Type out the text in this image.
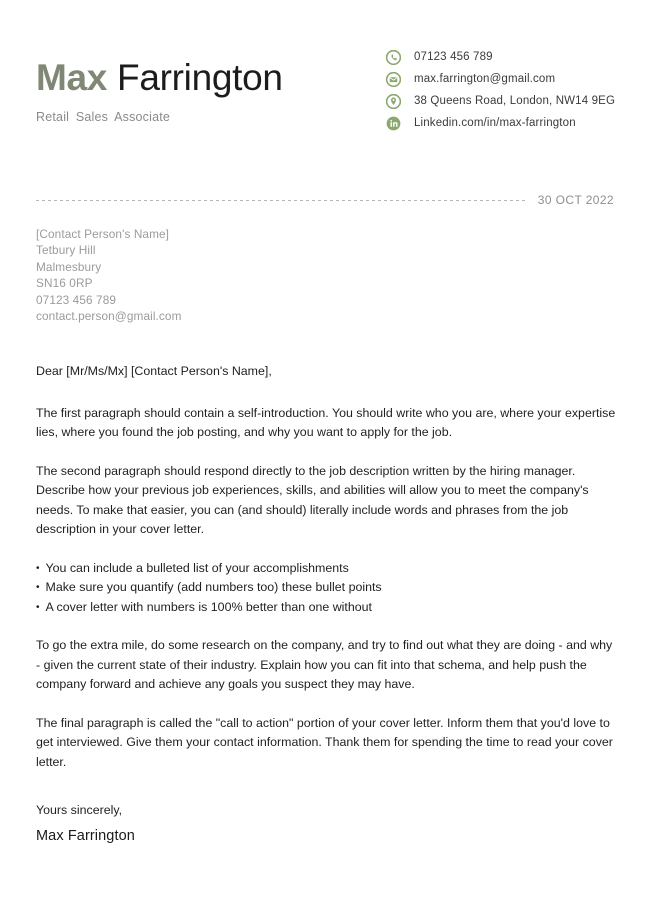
Max Farrington
Retail Sales Associate
07123 456 789
max.farrington@gmail.com
38 Queens Road, London, NW14 9EG
Linkedin.com/in/max-farrington
30 OCT 2022
[Contact Person's Name]
Tetbury Hill
Malmesbury
SN16 0RP
07123 456 789
contact.person@gmail.com

Dear [Mr/Ms/Mx] [Contact Person's Name],

The first paragraph should contain a self-introduction. You should write who you are, where your expertise lies, where you found the job posting, and why you want to apply for the job.

The second paragraph should respond directly to the job description written by the hiring manager. Describe how your previous job experiences, skills, and abilities will allow you to meet the company's needs. To make that easier, you can (and should) literally include words and phrases from the job description in your cover letter.

• You can include a bulleted list of your accomplishments
• Make sure you quantify (add numbers too) these bullet points
• A cover letter with numbers is 100% better than one without

To go the extra mile, do some research on the company, and try to find out what they are doing - and why - given the current state of their industry. Explain how you can fit into that schema, and help push the company forward and achieve any goals you suspect they may have.

The final paragraph is called the "call to action" portion of your cover letter. Inform them that you'd love to get interviewed. Give them your contact information. Thank them for spending the time to read your cover letter.

Yours sincerely,

Max Farrington
